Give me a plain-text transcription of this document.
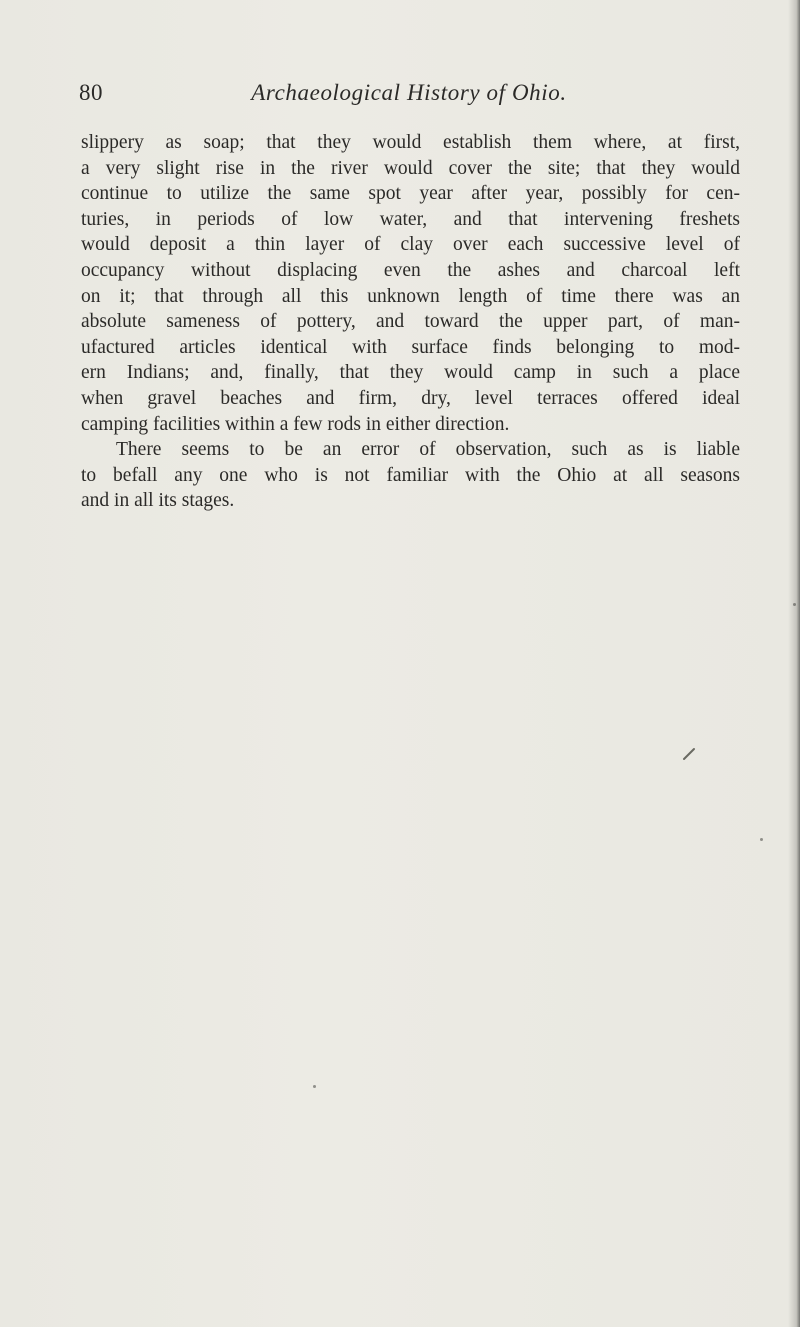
80	Archaeological History of Ohio.
slippery as soap; that they would establish them where, at first,
a very slight rise in the river would cover the site; that they would
continue to utilize the same spot year after year, possibly for cen-
turies, in periods of low water, and that intervening freshets
would deposit a thin layer of clay over each successive level of
occupancy without displacing even the ashes and charcoal left
on it; that through all this unknown length of time there was an
absolute sameness of pottery, and toward the upper part, of man-
ufactured articles identical with surface finds belonging to mod-
ern Indians; and, finally, that they would camp in such a place
when gravel beaches and firm, dry, level terraces offered ideal
camping facilities within a few rods in either direction.
There seems to be an error of observation, such as is liable
to befall any one who is not familiar with the Ohio at all seasons
and in all its stages.
